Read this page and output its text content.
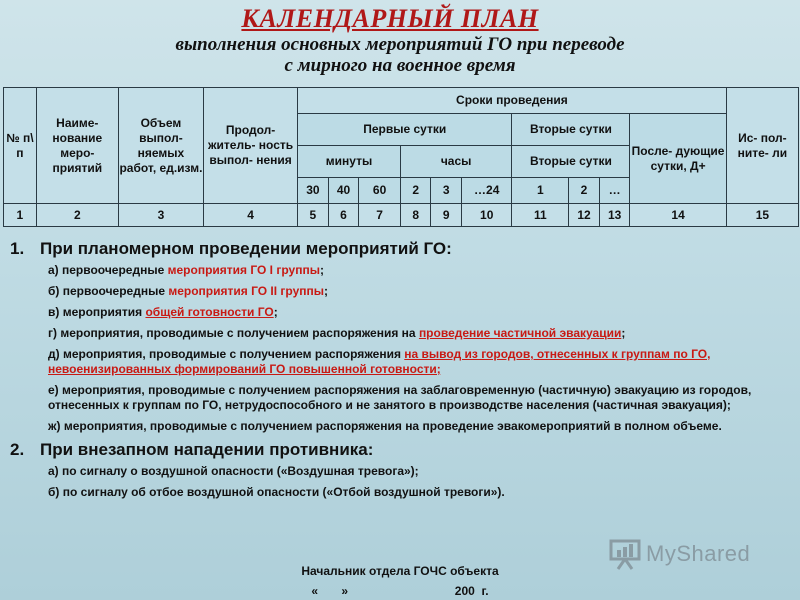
КАЛЕНДАРНЫЙ ПЛАН
выполнения основных мероприятий ГО при переводе
с мирного на военное время
№ п\ п	Наиме- нование меро- приятий	Объем выпол- няемых работ, ед.изм.	Продол- житель- ность выпол- нения	Сроки проведения										Ис- пол- ните- ли
				Первые сутки						Вторые сутки			После- дующие сутки, Д+	
				минуты			часы			Вторые сутки				
				30	40	60	2	3	…24	1	2	…		
1	2	3	4	5	6	7	8	9	10	11	12	13	14	15
1. При планомерном проведении мероприятий ГО:
а) первоочередные мероприятия ГО I группы;
б) первоочередные мероприятия ГО II группы;
в) мероприятия общей готовности ГО;
г) мероприятия, проводимые с получением распоряжения на проведение частичной эвакуации;
д) мероприятия, проводимые с получением распоряжения на вывод из городов, отнесенных к группам по ГО, невоенизированных формирований ГО повышенной готовности;
е) мероприятия, проводимые с получением распоряжения на заблаговременную (частичную) эвакуацию из городов, отнесенных к группам по ГО, нетрудоспособного и не занятого в производстве населения (частичная эвакуация);
ж) мероприятия, проводимые с получением распоряжения на проведение эвакомероприятий в полном объеме.
2. При внезапном нападении противника:
а) по сигналу о воздушной опасности («Воздушная тревога»);
б) по сигналу об отбое воздушной опасности («Отбой воздушной тревоги»).
Начальник отдела ГОЧС объекта
«       »                                200  г.
MyShared
